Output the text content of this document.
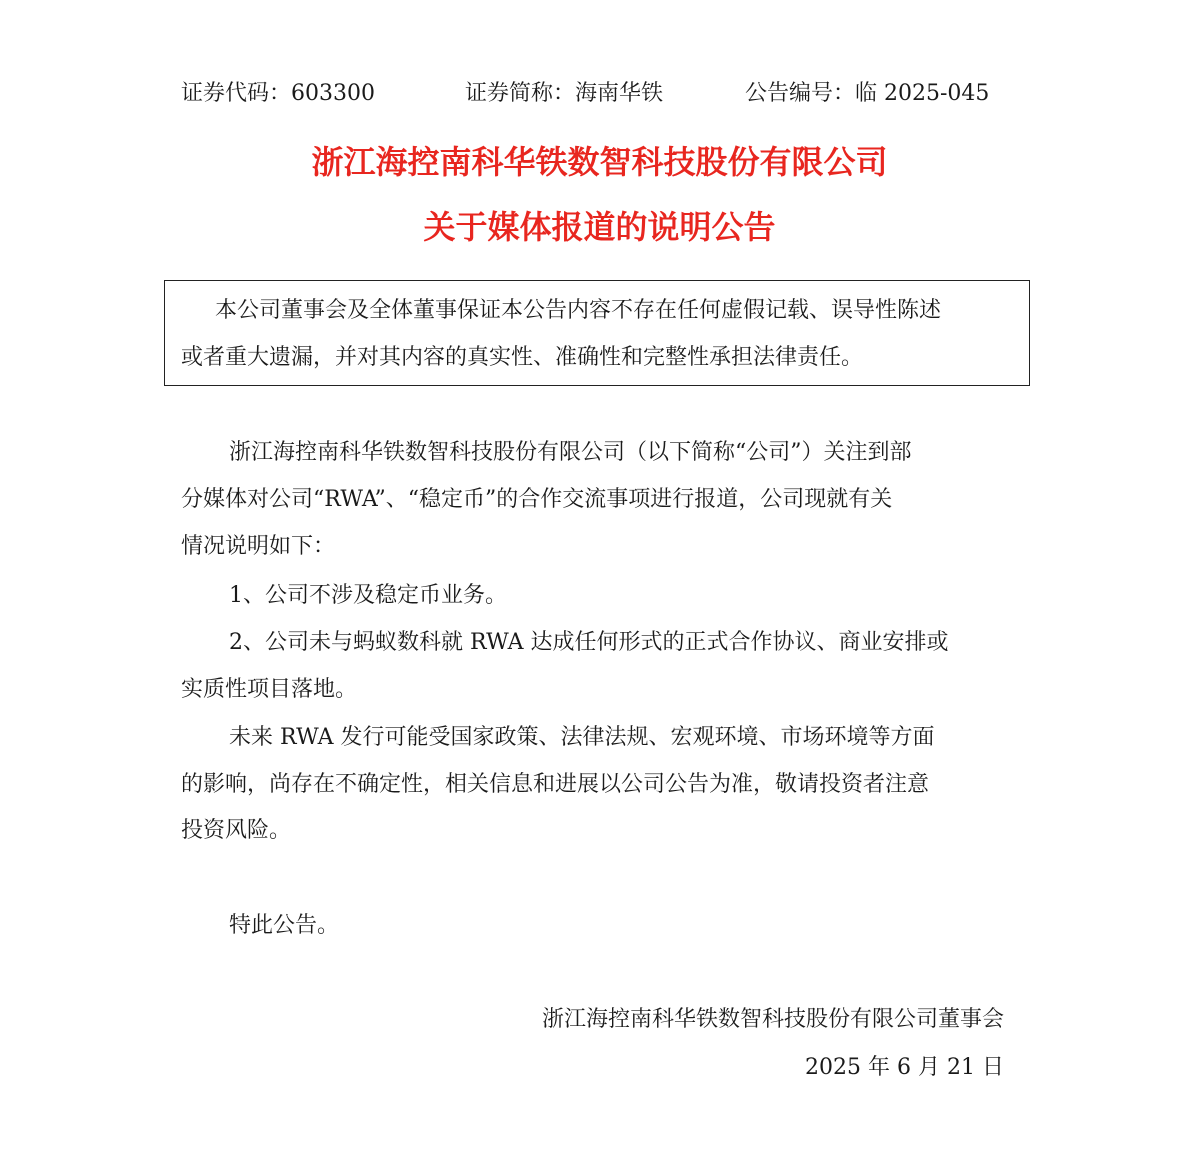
证券代码：603300	证券简称：海南华铁	公告编号：临 2025-045
浙江海控南科华铁数智科技股份有限公司
关于媒体报道的说明公告
本公司董事会及全体董事保证本公告内容不存在任何虚假记载、误导性陈述
或者重大遗漏，并对其内容的真实性、准确性和完整性承担法律责任。
浙江海控南科华铁数智科技股份有限公司（以下简称“公司”）关注到部
分媒体对公司“RWA”、“稳定币”的合作交流事项进行报道，公司现就有关
情况说明如下：
1、公司不涉及稳定币业务。
2、公司未与蚂蚁数科就 RWA 达成任何形式的正式合作协议、商业安排或
实质性项目落地。
未来 RWA 发行可能受国家政策、法律法规、宏观环境、市场环境等方面
的影响，尚存在不确定性，相关信息和进展以公司公告为准，敬请投资者注意
投资风险。
特此公告。
浙江海控南科华铁数智科技股份有限公司董事会
2025 年 6 月 21 日
